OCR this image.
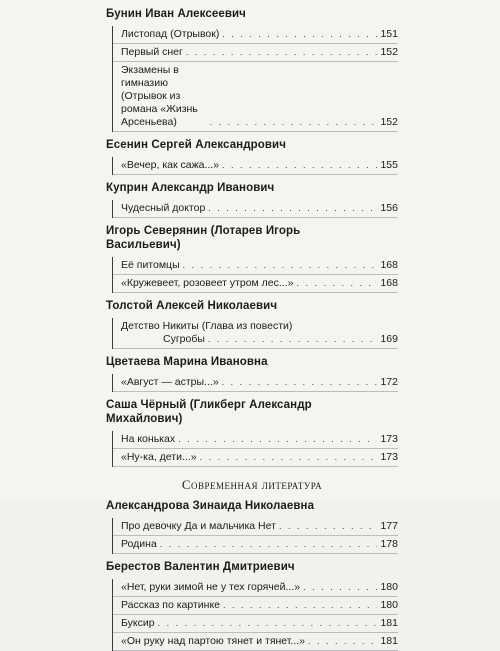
Бунин Иван Алексеевич
Листопад (Отрывок) . . .	151
Первый снег . . .	152
Экзамены в гимназию (Отрывок из романа «Жизнь Арсеньева) . . .	152
Есенин Сергей Александрович
«Вечер, как сажа...» . . .	155
Куприн Александр Иванович
Чудесный доктор . . .	156
Игорь Северянин (Лотарев Игорь Васильевич)
Её питомцы . . .	168
«Кружевеет, розовеет утром лес...» . . .	168
Толстой Алексей Николаевич
Детство Никиты (Глава из повести)
Сугробы . . .	169
Цветаева Марина Ивановна
«Август — астры...» . . .	172
Саша Чёрный (Гликберг Александр Михайлович)
На коньках . . .	173
«Ну-ка, дети...» . . .	173
Современная литература
Александрова Зинаида Николаевна
Про девочку Да и мальчика Нет . . .	177
Родина . . .	178
Берестов Валентин Дмитриевич
«Нет, руки зимой не у тех горячей...» . . .	180
Рассказ по картинке . . .	180
Буксир . . .	181
«Он руку над партою тянет и тянет...» . . .	181
